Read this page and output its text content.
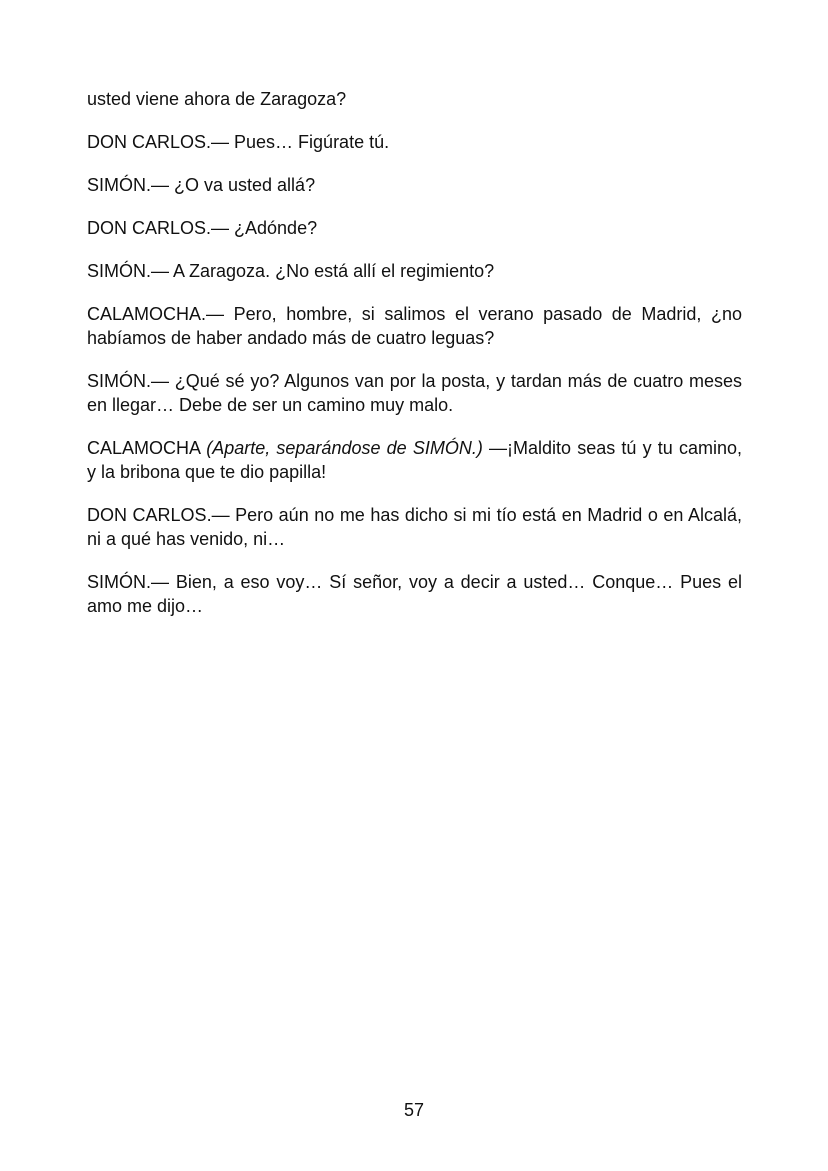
usted viene ahora de Zaragoza?

DON CARLOS.— Pues… Figúrate tú.

SIMÓN.— ¿O va usted allá?

DON CARLOS.— ¿Adónde?

SIMÓN.— A Zaragoza. ¿No está allí el regimiento?

CALAMOCHA.— Pero, hombre, si salimos el verano pasado de Madrid, ¿no habíamos de haber andado más de cuatro leguas?

SIMÓN.— ¿Qué sé yo? Algunos van por la posta, y tardan más de cuatro meses en llegar… Debe de ser un camino muy malo.

CALAMOCHA (Aparte, separándose de SIMÓN.) —¡Maldito seas tú y tu camino, y la bribona que te dio papilla!

DON CARLOS.— Pero aún no me has dicho si mi tío está en Madrid o en Alcalá, ni a qué has venido, ni…

SIMÓN.— Bien, a eso voy… Sí señor, voy a decir a usted… Conque… Pues el amo me dijo…

57
